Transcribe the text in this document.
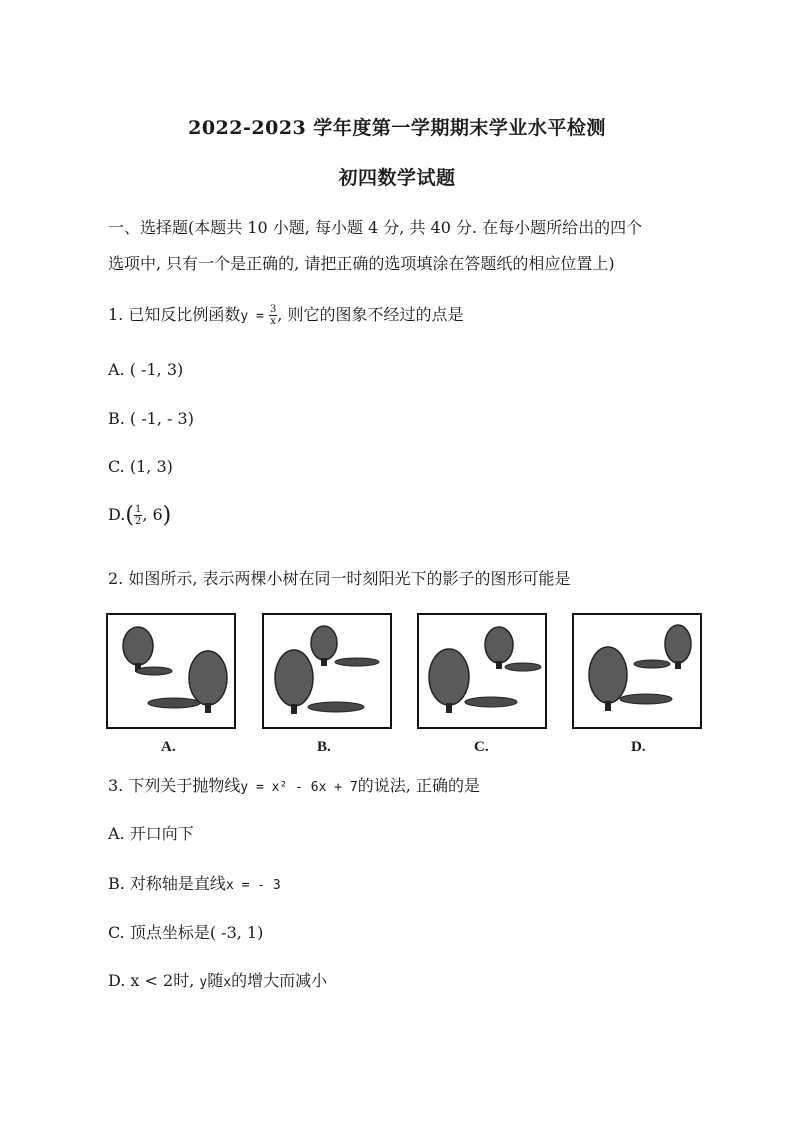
2022-2023 学年度第一学期期末学业水平检测
初四数学试题
一、选择题(本题共 10 小题, 每小题 4 分, 共 40 分. 在每小题所给出的四个
选项中, 只有一个是正确的, 请把正确的选项填涂在答题纸的相应位置上)
1. 已知反比例函数$y = \frac{3}{x}$ , 则它的图象不经过的点是
A. ( -1, 3)
B. ( -1, - 3)
C. (1, 3)
$D.( \frac{1}{2}$ , 6)
2. 如图所示, 表示两棵小树在同一时刻阳光下的影子的图形可能是
A.	B.	C.	D.
3. 下列关于抛物线y = x² - 6x + 7的说法, 正确的是
A. 开口向下
B. 对称轴是直线x = - 3
C. 顶点坐标是( -3, 1)
D. x < 2时, y随x的增大而减小
